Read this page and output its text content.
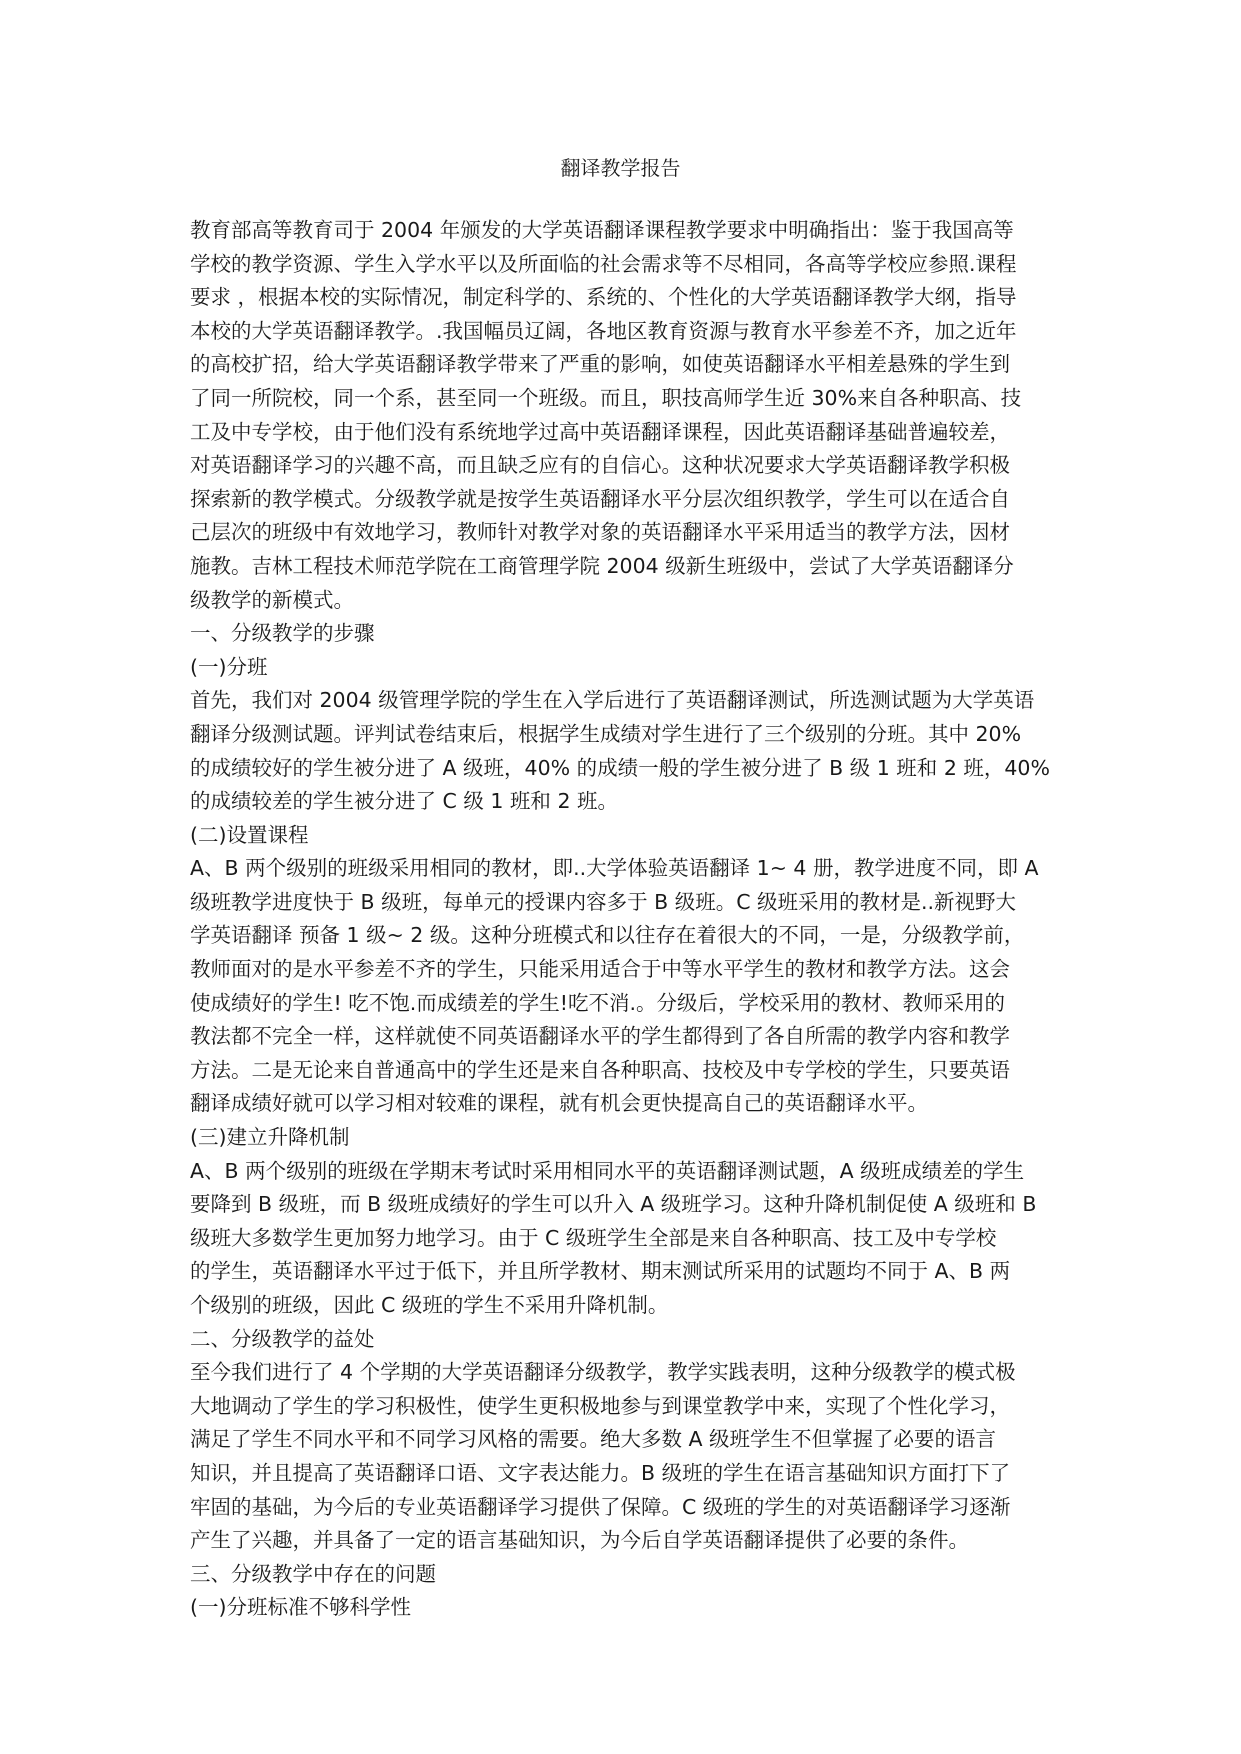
翻译教学报告

教育部高等教育司于 2004 年颁发的大学英语翻译课程教学要求中明确指出：鉴于我国高等

学校的教学资源、学生入学水平以及所面临的社会需求等不尽相同，各高等学校应参照.课程

要求 ，根据本校的实际情况，制定科学的、系统的、个性化的大学英语翻译教学大纲，指导

本校的大学英语翻译教学。.我国幅员辽阔，各地区教育资源与教育水平参差不齐，加之近年

的高校扩招，给大学英语翻译教学带来了严重的影响，如使英语翻译水平相差悬殊的学生到

了同一所院校，同一个系，甚至同一个班级。而且，职技高师学生近 30%来自各种职高、技

工及中专学校，由于他们没有系统地学过高中英语翻译课程，因此英语翻译基础普遍较差，

对英语翻译学习的兴趣不高，而且缺乏应有的自信心。这种状况要求大学英语翻译教学积极

探索新的教学模式。分级教学就是按学生英语翻译水平分层次组织教学，学生可以在适合自

己层次的班级中有效地学习，教师针对教学对象的英语翻译水平采用适当的教学方法，因材

施教。吉林工程技术师范学院在工商管理学院 2004 级新生班级中，尝试了大学英语翻译分

级教学的新模式。

一、分级教学的步骤

(一)分班

首先，我们对 2004 级管理学院的学生在入学后进行了英语翻译测试，所选测试题为大学英语

翻译分级测试题。评判试卷结束后，根据学生成绩对学生进行了三个级别的分班。其中 20%

的成绩较好的学生被分进了 A 级班，40% 的成绩一般的学生被分进了 B 级 1 班和 2 班，40%

的成绩较差的学生被分进了 C 级 1 班和 2 班。

(二)设置课程

A、B 两个级别的班级采用相同的教材，即..大学体验英语翻译 1~ 4 册，教学进度不同，即 A

级班教学进度快于 B 级班，每单元的授课内容多于 B 级班。C 级班采用的教材是..新视野大

学英语翻译 预备 1 级~ 2 级。这种分班模式和以往存在着很大的不同，一是，分级教学前，

教师面对的是水平参差不齐的学生，只能采用适合于中等水平学生的教材和教学方法。这会

使成绩好的学生! 吃不饱.而成绩差的学生!吃不消.。分级后，学校采用的教材、教师采用的

教法都不完全一样，这样就使不同英语翻译水平的学生都得到了各自所需的教学内容和教学

方法。二是无论来自普通高中的学生还是来自各种职高、技校及中专学校的学生，只要英语

翻译成绩好就可以学习相对较难的课程，就有机会更快提高自己的英语翻译水平。

(三)建立升降机制

A、B 两个级别的班级在学期末考试时采用相同水平的英语翻译测试题，A 级班成绩差的学生

要降到 B 级班，而 B 级班成绩好的学生可以升入 A 级班学习。这种升降机制促使 A 级班和 B

级班大多数学生更加努力地学习。由于 C 级班学生全部是来自各种职高、技工及中专学校

的学生，英语翻译水平过于低下，并且所学教材、期末测试所采用的试题均不同于 A、B 两

个级别的班级，因此 C 级班的学生不采用升降机制。

二、分级教学的益处

至今我们进行了 4 个学期的大学英语翻译分级教学，教学实践表明，这种分级教学的模式极

大地调动了学生的学习积极性，使学生更积极地参与到课堂教学中来，实现了个性化学习，

满足了学生不同水平和不同学习风格的需要。绝大多数 A 级班学生不但掌握了必要的语言

知识，并且提高了英语翻译口语、文字表达能力。B 级班的学生在语言基础知识方面打下了

牢固的基础，为今后的专业英语翻译学习提供了保障。C 级班的学生的对英语翻译学习逐渐

产生了兴趣，并具备了一定的语言基础知识，为今后自学英语翻译提供了必要的条件。

三、分级教学中存在的问题

(一)分班标准不够科学性
